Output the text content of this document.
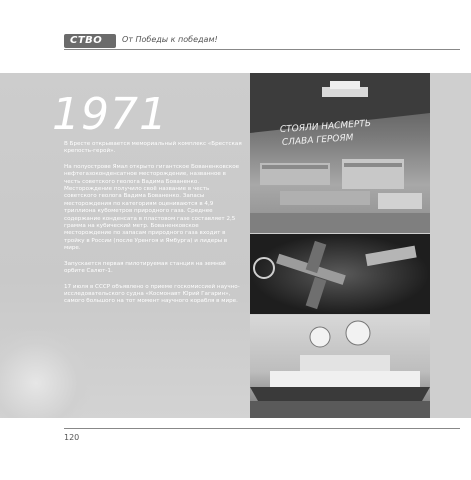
CTBO От Победы к победам!
1971

В Бресте открывается мемориальный комплекс «Брестская крепость-герой».

На полуострове Ямал открыто гигантское Бованенковское нефтегазоконденсатное месторождение, названное в честь советского геолога Вадима Бованенко. Месторождение получило своё название в честь советского геолога Вадима Бованенко. Запасы месторождения по категориям оцениваются в 4,9 триллиона кубометров природного газа. Среднее содержание конденсата в пластовом газе составляет 2,5 грамма на кубический метр. Бованенковское месторождение по запасам природного газа входит в тройку в России (после Уренгоя и Ямбурга) и лидеры в мире.

Запускается первая пилотируемая станция на земной орбите Салют-1.

17 июля в СССР объявлено о приеме госкомиссией научно-исследовательского судна «Космонавт Юрий Гагарин», самого большого на тот момент научного корабля в мире.

СТОЯЛИ НАСМЕРТЬ
СЛАВА ГЕРОЯМ
120
